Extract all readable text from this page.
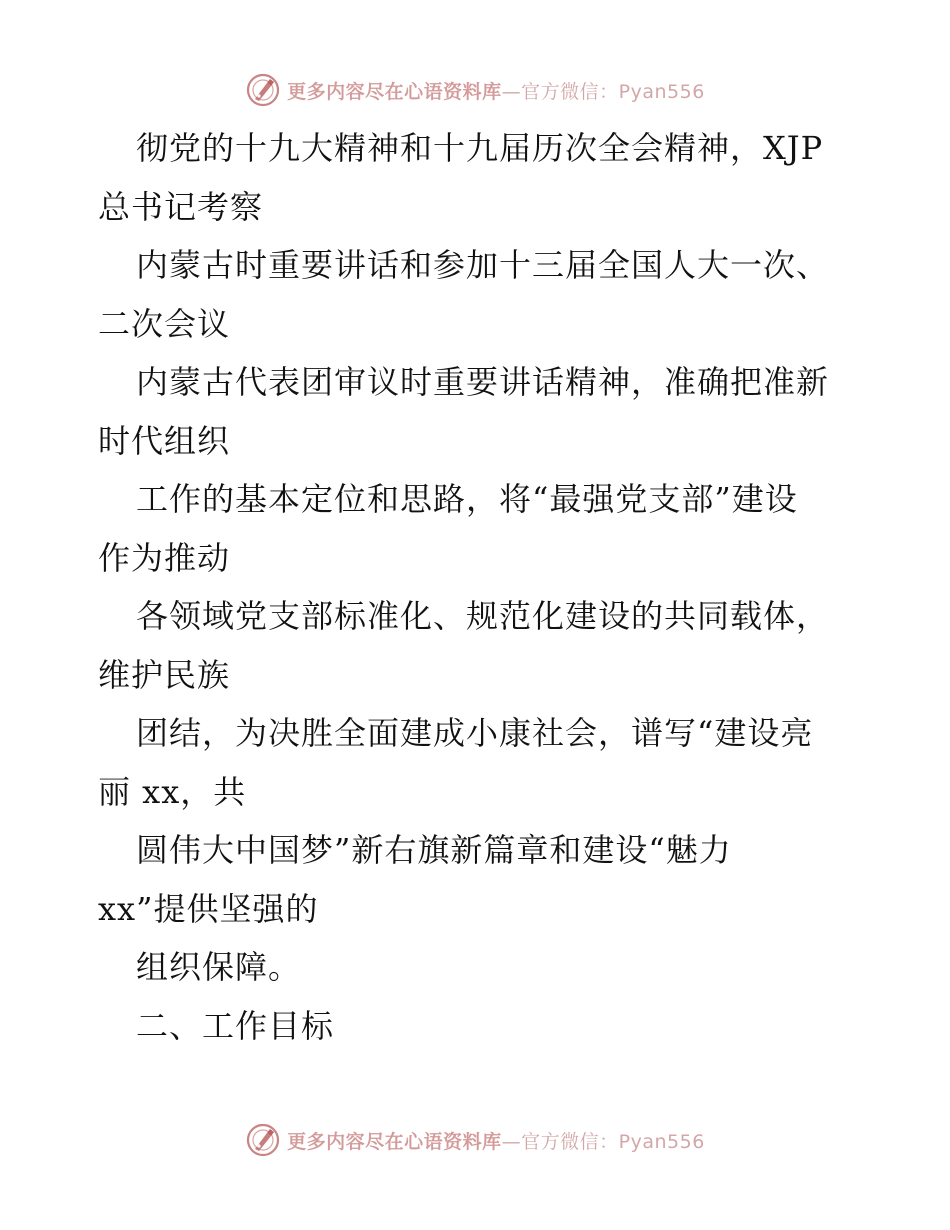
更多内容尽在心语资料库—官方微信：Pyan556
彻党的十九大精神和十九届历次全会精神，XJP
总书记考察
内蒙古时重要讲话和参加十三届全国人大一次、
二次会议
内蒙古代表团审议时重要讲话精神，准确把准新
时代组织
工作的基本定位和思路，将“最强党支部”建设
作为推动
各领域党支部标准化、规范化建设的共同载体，
维护民族
团结，为决胜全面建成小康社会，谱写“建设亮
丽 xx，共
圆伟大中国梦”新右旗新篇章和建设“魅力
xx”提供坚强的
组织保障。
二、工作目标
更多内容尽在心语资料库—官方微信：Pyan556
